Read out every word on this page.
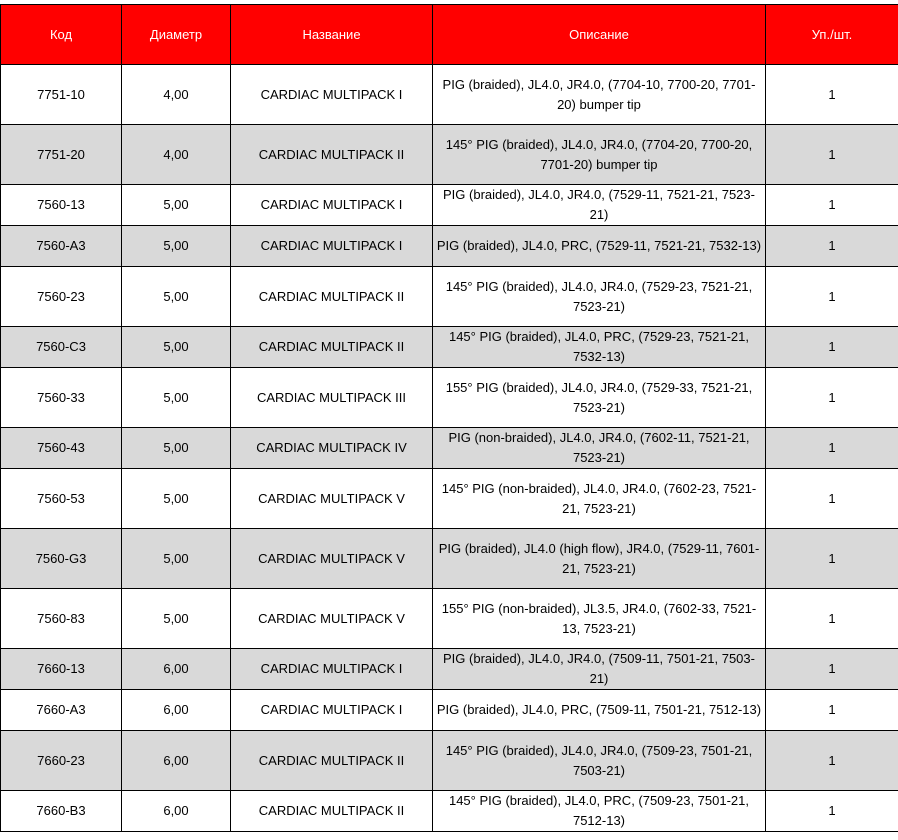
Код	Диаметр	Название	Описание	Уп./шт.
7751-10	4,00	CARDIAC MULTIPACK I	PIG (braided), JL4.0, JR4.0, (7704-10, 7700-20, 7701-20) bumper tip	1
7751-20	4,00	CARDIAC MULTIPACK II	145° PIG (braided), JL4.0, JR4.0, (7704-20, 7700-20, 7701-20) bumper tip	1
7560-13	5,00	CARDIAC MULTIPACK I	PIG (braided), JL4.0, JR4.0, (7529-11, 7521-21, 7523-21)	1
7560-A3	5,00	CARDIAC MULTIPACK I	PIG (braided), JL4.0, PRC, (7529-11, 7521-21, 7532-13)	1
7560-23	5,00	CARDIAC MULTIPACK II	145° PIG (braided), JL4.0, JR4.0, (7529-23, 7521-21, 7523-21)	1
7560-C3	5,00	CARDIAC MULTIPACK II	145° PIG (braided), JL4.0, PRC, (7529-23, 7521-21, 7532-13)	1
7560-33	5,00	CARDIAC MULTIPACK III	155° PIG (braided), JL4.0, JR4.0, (7529-33, 7521-21, 7523-21)	1
7560-43	5,00	CARDIAC MULTIPACK IV	PIG (non-braided), JL4.0, JR4.0, (7602-11, 7521-21, 7523-21)	1
7560-53	5,00	CARDIAC MULTIPACK V	145° PIG (non-braided), JL4.0, JR4.0, (7602-23, 7521-21, 7523-21)	1
7560-G3	5,00	CARDIAC MULTIPACK V	PIG (braided), JL4.0 (high flow), JR4.0, (7529-11, 7601-21, 7523-21)	1
7560-83	5,00	CARDIAC MULTIPACK V	155° PIG (non-braided), JL3.5, JR4.0, (7602-33, 7521-13, 7523-21)	1
7660-13	6,00	CARDIAC MULTIPACK I	PIG (braided), JL4.0, JR4.0, (7509-11, 7501-21, 7503-21)	1
7660-A3	6,00	CARDIAC MULTIPACK I	PIG (braided), JL4.0, PRC, (7509-11, 7501-21, 7512-13)	1
7660-23	6,00	CARDIAC MULTIPACK II	145° PIG (braided), JL4.0, JR4.0, (7509-23, 7501-21, 7503-21)	1
7660-B3	6,00	CARDIAC MULTIPACK II	145° PIG (braided), JL4.0, PRC, (7509-23, 7501-21, 7512-13)	1
